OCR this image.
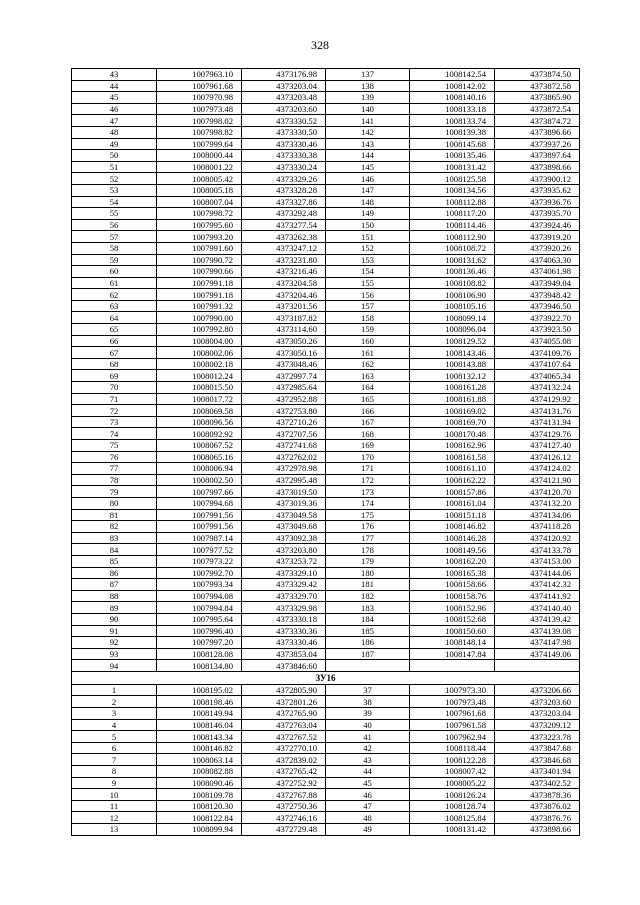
328
43	1007963.10	4373176.98	137	1008142.54	4373874.50
44	1007961.68	4373203.04	138	1008142.02	4373872.58
45	1007970.98	4373203.48	139	1008140.16	4373865.90
46	1007973.48	4373203.60	140	1008133.18	4373872.54
47	1007998.02	4373330.52	141	1008133.74	4373874.72
48	1007998.82	4373330.50	142	1008139.38	4373896.66
49	1007999.64	4373330.46	143	1008145.68	4373937.26
50	1008000.44	4373330.38	144	1008135.46	4373897.64
51	1008001.22	4373330.24	145	1008131.42	4373898.66
52	1008005.42	4373329.26	146	1008125.58	4373900.12
53	1008005.18	4373328.28	147	1008134.56	4373935.62
54	1008007.04	4373327.86	148	1008112.88	4373936.76
55	1007998.72	4373292.48	149	1008117.20	4373935.70
56	1007995.60	4373277.54	150	1008114.46	4373924.46
57	1007993.20	4373262.38	151	1008112.90	4373919.20
58	1007991.60	4373247.12	152	1008108.72	4373920.26
59	1007990.72	4373231.80	153	1008131.62	4374063.30
60	1007990.66	4373216.46	154	1008136.46	4374061.98
61	1007991.18	4373204.58	155	1008108.82	4373949.04
62	1007991.18	4373204.46	156	1008106.90	4373948.42
63	1007991.32	4373201.56	157	1008105.16	4373946.50
64	1007990.00	4373187.82	158	1008099.14	4373922.70
65	1007992.80	4373114.60	159	1008096.04	4373923.50
66	1008004.00	4373050.26	160	1008129.52	4374055.08
67	1008002.06	4373050.16	161	1008143.46	4374109.76
68	1008002.18	4373048.46	162	1008143.88	4374107.64
69	1008012.24	4372997.74	163	1008132.12	4374065.34
70	1008015.50	4372985.64	164	1008161.28	4374132.24
71	1008017.72	4372952.88	165	1008161.88	4374129.92
72	1008069.58	4372753.80	166	1008169.02	4374131.76
73	1008096.56	4372710.26	167	1008169.70	4374131.94
74	1008092.92	4372707.56	168	1008170.48	4374129.76
75	1008067.52	4372741.68	169	1008162.96	4374127.40
76	1008065.16	4372762.02	170	1008161.58	4374126.12
77	1008006.94	4372978.98	171	1008161.10	4374124.02
78	1008002.50	4372995.48	172	1008162.22	4374121.90
79	1007997.66	4373019.50	173	1008157.86	4374120.70
80	1007994.68	4373019.36	174	1008161.04	4374132.20
81	1007991.56	4373049.58	175	1008151.18	4374134.06
82	1007991.56	4373049.68	176	1008146.82	4374118.28
83	1007987.14	4373092.38	177	1008146.28	4374120.92
84	1007977.52	4373203.80	178	1008149.56	4374133.78
85	1007973.22	4373253.72	179	1008162.20	4374153.00
86	1007992.70	4373329.10	180	1008165.38	4374144.06
87	1007993.34	4373329.42	181	1008158.66	4374142.32
88	1007994.08	4373329.70	182	1008158.76	4374141.92
89	1007994.84	4373329.98	183	1008152.96	4374140.40
90	1007995.64	4373330.18	184	1008152.68	4374139.42
91	1007996.40	4373330.36	185	1008150.60	4374139.08
92	1007997.20	4373330.46	186	1008148.14	4374147.98
93	1008128.08	4373853.04	187	1008147.84	4374149.06
94	1008134.80	4373846.60			
ЗУ16					
1	1008195.02	4372805.90	37	1007973.30	4373206.66
2	1008198.46	4372801.26	38	1007973.48	4373203.60
3	1008149.94	4372765.90	39	1007961.68	4373203.04
4	1008146.04	4372763.04	40	1007961.58	4373209.12
5	1008143.34	4372767.52	41	1007962.94	4373223.78
6	1008146.82	4372770.10	42	1008118.44	4373847.68
7	1008063.14	4372839.02	43	1008122.28	4373846.68
8	1008082.88	4372765.42	44	1008007.42	4373401.94
9	1008090.46	4372752.92	45	1008005.22	4373402.52
10	1008109.78	4372767.88	46	1008126.24	4373878.36
11	1008120.30	4372750.36	47	1008128.74	4373876.02
12	1008122.84	4372746.16	48	1008125.84	4373876.76
13	1008099.94	4372729.48	49	1008131.42	4373898.66
